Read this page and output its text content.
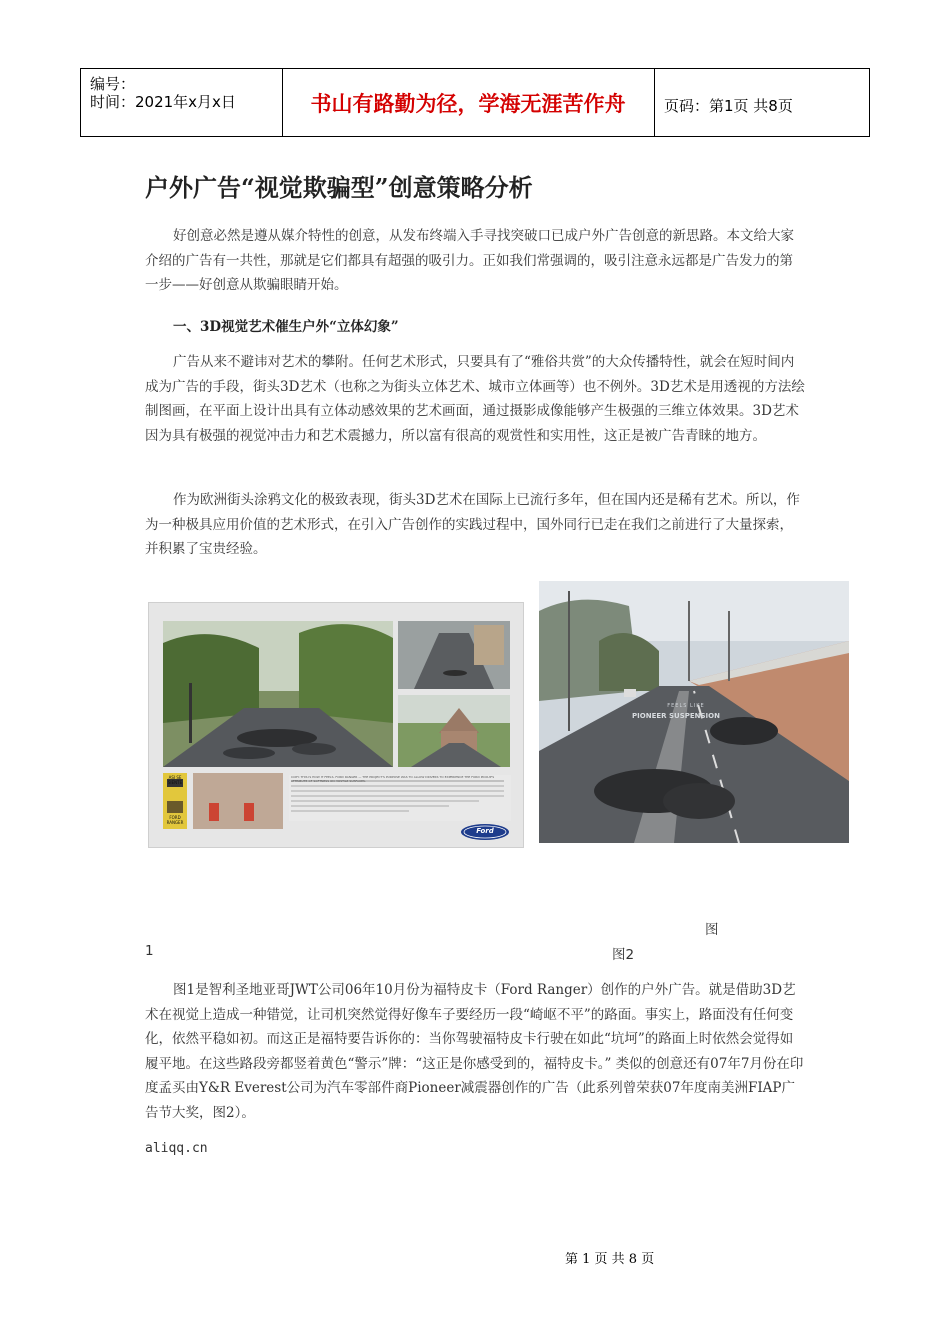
编号：
时间：2021年x月x日	书山有路勤为径，学海无涯苦作舟	页码：第1页 共8页
户外广告“视觉欺骗型”创意策略分析

好创意必然是遵从媒介特性的创意，从发布终端入手寻找突破口已成户外广告创意的新思路。本文给大家介绍的广告有一共性，那就是它们都具有超强的吸引力。正如我们常强调的，吸引注意永远都是广告发力的第一步——好创意从欺骗眼睛开始。

一、3D视觉艺术催生户外“立体幻象”

广告从来不避讳对艺术的攀附。任何艺术形式，只要具有了“雅俗共赏”的大众传播特性，就会在短时间内成为广告的手段，街头3D艺术（也称之为街头立体艺术、城市立体画等）也不例外。3D艺术是用透视的方法绘制图画，在平面上设计出具有立体动感效果的艺术画面，通过摄影成像能够产生极强的三维立体效果。3D艺术因为具有极强的视觉冲击力和艺术震撼力，所以富有很高的观赏性和实用性，这正是被广告青睐的地方。

作为欧洲街头涂鸦文化的极致表现，街头3D艺术在国际上已流行多年，但在国内还是稀有艺术。所以，作为一种极具应用价值的艺术形式，在引入广告创作的实践过程中，国外同行已走在我们之前进行了大量探索，并积累了宝贵经验。

ASI SE SIENTE
FORD RANGER
COPY: THIS IS HOW IT FEELS. FORD RANGER — THE PROJECT'S PURPOSE WAS TO ALLOW DRIVERS TO EXPERIENCE THE FORD PICKUP'S ATTRIBUTE OF SOFTNESS ON HOSTILE SURFACES.
Ford
FEELS LIKE
PIONEER SUSPENSION
图
1	图2

图1是智利圣地亚哥JWT公司06年10月份为福特皮卡（Ford Ranger）创作的户外广告。就是借助3D艺术在视觉上造成一种错觉，让司机突然觉得好像车子要经历一段“崎岖不平”的路面。事实上，路面没有任何变化，依然平稳如初。而这正是福特要告诉你的：当你驾驶福特皮卡行驶在如此“坑坷”的路面上时依然会觉得如履平地。在这些路段旁都竖着黄色“警示”牌：“这正是你感受到的，福特皮卡。” 类似的创意还有07年7月份在印度孟买由Y&R Everest公司为汽车零部件商Pioneer减震器创作的广告（此系列曾荣获07年度南美洲FIAP广告节大奖，图2）。

aliqq.cn
第 1 页 共 8 页
